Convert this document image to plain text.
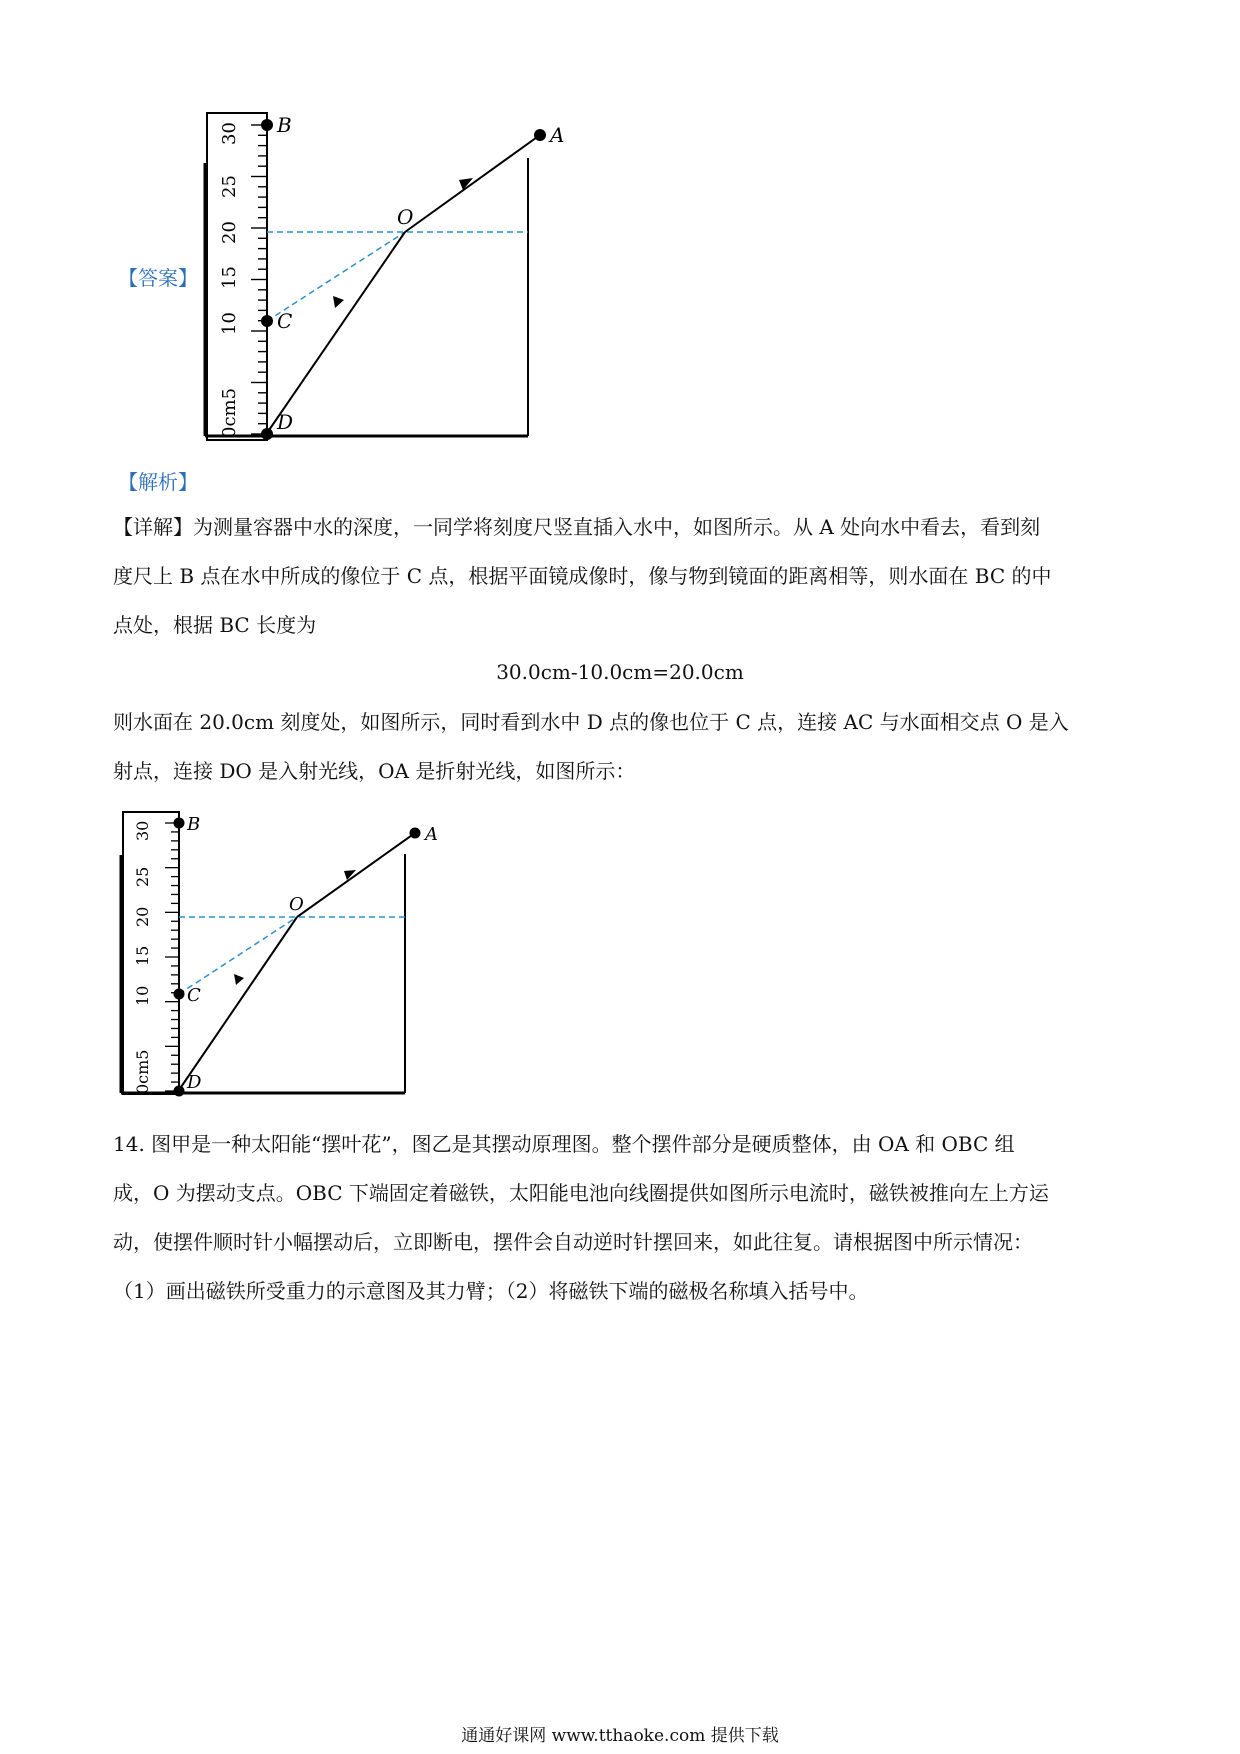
【答案】
B
C
D
A
O
0cm5
10
15
20
25
30
【解析】

【详解】为测量容器中水的深度，一同学将刻度尺竖直插入水中，如图所示。从 A 处向水中看去，看到刻

度尺上 B 点在水中所成的像位于 C 点，根据平面镜成像时，像与物到镜面的距离相等，则水面在 BC 的中

点处，根据 BC 长度为

30.0cm-10.0cm=20.0cm

则水面在 20.0cm 刻度处，如图所示，同时看到水中 D 点的像也位于 C 点，连接 AC 与水面相交点 O 是入

射点，连接 DO 是入射光线，OA 是折射光线，如图所示：

B
C
D
A
O
0cm5
10
15
20
25
30

14. 图甲是一种太阳能“摆叶花”，图乙是其摆动原理图。整个摆件部分是硬质整体，由 OA 和 OBC 组

成，O 为摆动支点。OBC 下端固定着磁铁，太阳能电池向线圈提供如图所示电流时，磁铁被推向左上方运

动，使摆件顺时针小幅摆动后，立即断电，摆件会自动逆时针摆回来，如此往复。请根据图中所示情况：

（1）画出磁铁所受重力的示意图及其力臂；（2）将磁铁下端的磁极名称填入括号中。

通通好课网 www.tthaoke.com 提供下载
